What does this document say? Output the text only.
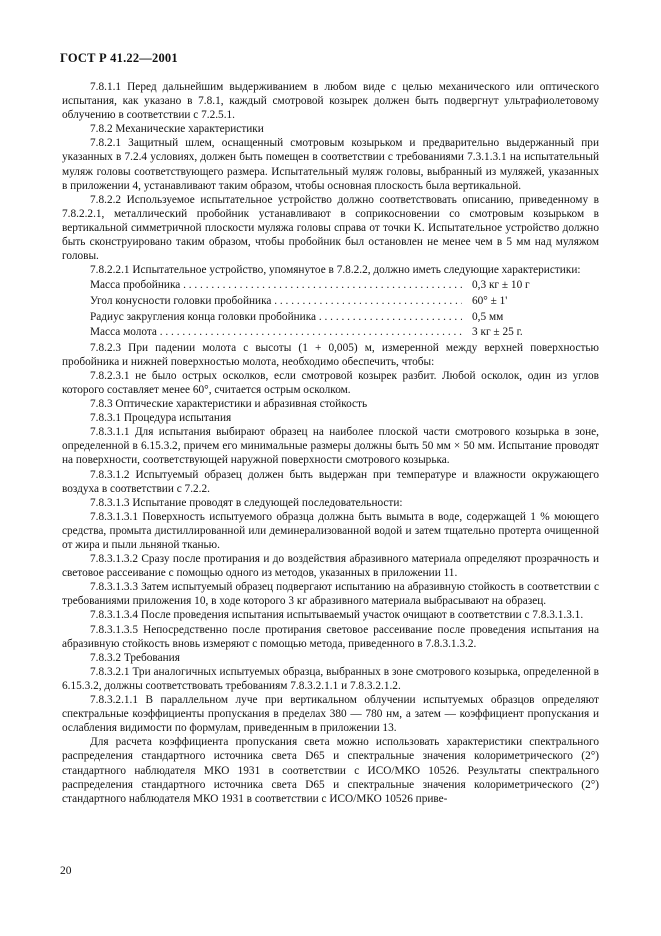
ГОСТ Р 41.22—2001

7.8.1.1 Перед дальнейшим выдерживанием в любом виде с целью механического или оптического испытания, как указано в 7.8.1, каждый смотровой козырек должен быть подвергнут ультрафиолетовому облучению в соответствии с 7.2.5.1.

7.8.2 Механические характеристики

7.8.2.1 Защитный шлем, оснащенный смотровым козырьком и предварительно выдержанный при указанных в 7.2.4 условиях, должен быть помещен в соответствии с требованиями 7.3.1.3.1 на испытательный муляж головы соответствующего размера. Испытательный муляж головы, выбранный из муляжей, указанных в приложении 4, устанавливают таким образом, чтобы основная плоскость была вертикальной.

7.8.2.2 Используемое испытательное устройство должно соответствовать описанию, приведенному в 7.8.2.2.1, металлический пробойник устанавливают в соприкосновении со смотровым козырьком в вертикальной симметричной плоскости муляжа головы справа от точки K. Испытательное устройство должно быть сконструировано таким образом, чтобы пробойник был остановлен не менее чем в 5 мм над муляжом головы.

7.8.2.2.1 Испытательное устройство, упомянутое в 7.8.2.2, должно иметь следующие характеристики:

Масса пробойника . . .	0,3 кг ± 10 г
Угол конусности головки пробойника . . .	60° ± 1'
Радиус закругления конца головки пробойника . . .	0,5 мм
Масса молота . . .	3 кг ± 25 г.

7.8.2.3 При падении молота с высоты (1 + 0,005) м, измеренной между верхней поверхностью пробойника и нижней поверхностью молота, необходимо обеспечить, чтобы:

7.8.2.3.1 не было острых осколков, если смотровой козырек разбит. Любой осколок, один из углов которого составляет менее 60°, считается острым осколком.

7.8.3 Оптические характеристики и абразивная стойкость

7.8.3.1 Процедура испытания

7.8.3.1.1 Для испытания выбирают образец на наиболее плоской части смотрового козырька в зоне, определенной в 6.15.3.2, причем его минимальные размеры должны быть 50 мм × 50 мм. Испытание проводят на поверхности, соответствующей наружной поверхности смотрового козырька.

7.8.3.1.2 Испытуемый образец должен быть выдержан при температуре и влажности окружающего воздуха в соответствии с 7.2.2.

7.8.3.1.3 Испытание проводят в следующей последовательности:

7.8.3.1.3.1 Поверхность испытуемого образца должна быть вымыта в воде, содержащей 1 % моющего средства, промыта дистиллированной или деминерализованной водой и затем тщательно протерта очищенной от жира и пыли льняной тканью.

7.8.3.1.3.2 Сразу после протирания и до воздействия абразивного материала определяют прозрачность и световое рассеивание с помощью одного из методов, указанных в приложении 11.

7.8.3.1.3.3 Затем испытуемый образец подвергают испытанию на абразивную стойкость в соответствии с требованиями приложения 10, в ходе которого 3 кг абразивного материала выбрасывают на образец.

7.8.3.1.3.4 После проведения испытания испытываемый участок очищают в соответствии с 7.8.3.1.3.1.

7.8.3.1.3.5 Непосредственно после протирания световое рассеивание после проведения испытания на абразивную стойкость вновь измеряют с помощью метода, приведенного в 7.8.3.1.3.2.

7.8.3.2 Требования

7.8.3.2.1 Три аналогичных испытуемых образца, выбранных в зоне смотрового козырька, определенной в 6.15.3.2, должны соответствовать требованиям 7.8.3.2.1.1 и 7.8.3.2.1.2.

7.8.3.2.1.1 В параллельном луче при вертикальном облучении испытуемых образцов определяют спектральные коэффициенты пропускания в пределах 380 — 780 нм, а затем — коэффициент пропускания и ослабления видимости по формулам, приведенным в приложении 13.

Для расчета коэффициента пропускания света можно использовать характеристики спектрального распределения стандартного источника света D65 и спектральные значения колориметрического (2°) стандартного наблюдателя МКО 1931 в соответствии с ИСО/МКО 10526. Результаты спектрального распределения стандартного источника света D65 и спектральные значения колориметрического (2°) стандартного наблюдателя МКО 1931 в соответствии с ИСО/МКО 10526 приве-

20
